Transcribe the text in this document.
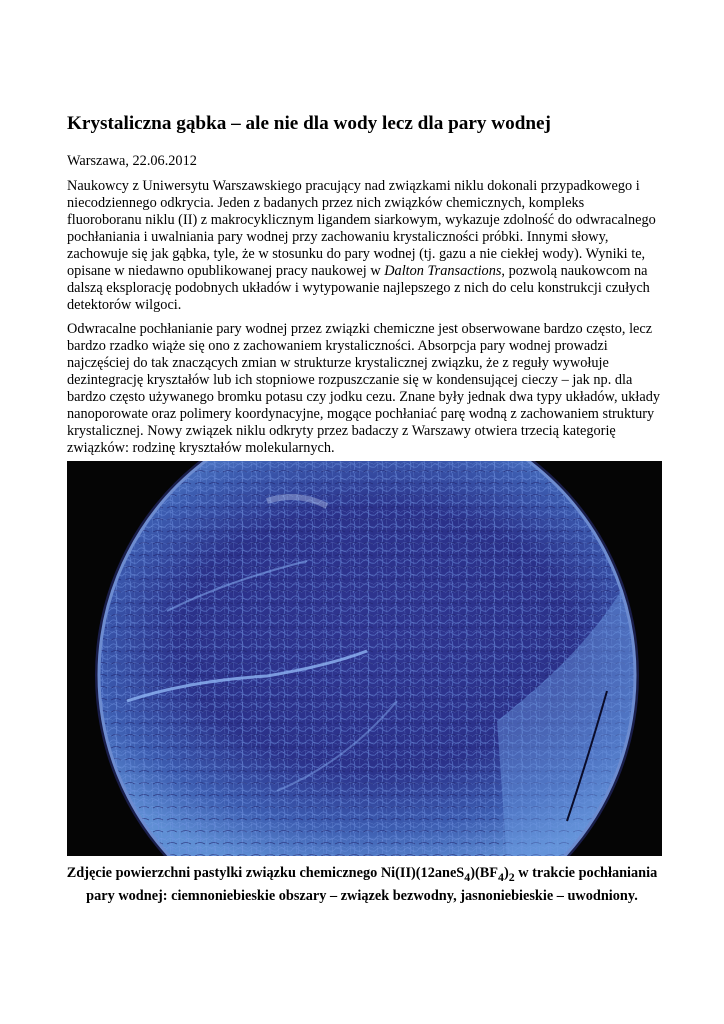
Krystaliczna gąbka – ale nie dla wody lecz dla pary wodnej
Warszawa, 22.06.2012

Naukowcy z Uniwersytu Warszawskiego pracujący nad związkami niklu dokonali przypadkowego i
niecodziennego odkrycia. Jeden z badanych przez nich związków chemicznych, kompleks
fluoroboranu niklu (II) z makrocyklicznym ligandem siarkowym, wykazuje zdolność do odwracalnego
pochłaniania i uwalniania pary wodnej przy zachowaniu krystaliczności próbki. Innymi słowy,
zachowuje się jak gąbka, tyle, że w stosunku do pary wodnej (tj. gazu a nie ciekłej wody). Wyniki te,
opisane w niedawno opublikowanej pracy naukowej w Dalton Transactions, pozwolą naukowcom na
dalszą eksplorację podobnych układów i wytypowanie najlepszego z nich do celu konstrukcji czułych
detektorów wilgoci.

Odwracalne pochłanianie pary wodnej przez związki chemiczne jest obserwowane bardzo często, lecz
bardzo rzadko wiąże się ono z zachowaniem krystaliczności. Absorpcja pary wodnej prowadzi
najczęściej do tak znaczących zmian w strukturze krystalicznej związku, że z reguły wywołuje
dezintegrację kryształów lub ich stopniowe rozpuszczanie się w kondensującej cieczy – jak np. dla
bardzo często używanego bromku potasu czy jodku cezu. Znane były jednak dwa typy układów, układy
nanoporowate oraz polimery koordynacyjne, mogące pochłaniać parę wodną z zachowaniem struktury
krystalicznej. Nowy związek niklu odkryty przez badaczy z Warszawy otwiera trzecią kategorię
związków: rodzinę kryształów molekularnych.

Zdjęcie powierzchni pastylki związku chemicznego $Ni(II)(12aneS_4)(BF_4)_2$ w trakcie pochłaniania
pary wodnej: ciemnoniebieskie obszary – związek bezwodny, jasnoniebieskie – uwodniony.
